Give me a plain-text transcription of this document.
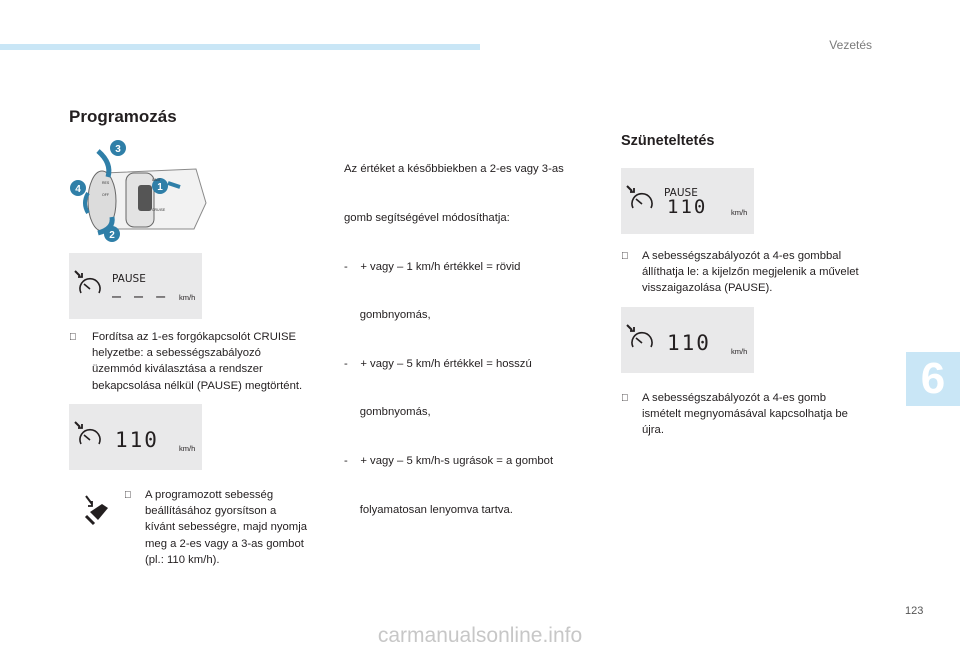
Vezetés
Programozás
3
4	1
2
LIMIT
RES
OFF
CRUISE
PAUSE
– – – km/h
Fordítsa az 1-es forgókapcsolót CRUISE
helyzetbe: a sebességszabályozó
üzemmód kiválasztása a rendszer
bekapcsolása nélkül (PAUSE) megtörtént.
110	km/h
A programozott sebesség
beállításához gyorsítson a
kívánt sebességre, majd nyomja
meg a 2-es vagy a 3-as gombot
(pl.: 110 km/h).

Az értéket a későbbiekben a 2-es vagy 3-as

gomb segítségével módosíthatja:

-    + vagy – 1 km/h értékkel = rövid

gombnyomás,

-    + vagy – 5 km/h értékkel = hosszú

gombnyomás,

-    + vagy – 5 km/h-s ugrások = a gombot

folyamatosan lenyomva tartva.

Szüneteltetés
PAUSE
110	km/h
A sebességszabályozót a 4-es gombbal
állíthatja le: a kijelzőn megjelenik a művelet
visszaigazolása (PAUSE).
110	km/h
A sebességszabályozót a 4-es gomb
ismételt megnyomásával kapcsolhatja be
újra.
6
123
carmanualsonline.info
